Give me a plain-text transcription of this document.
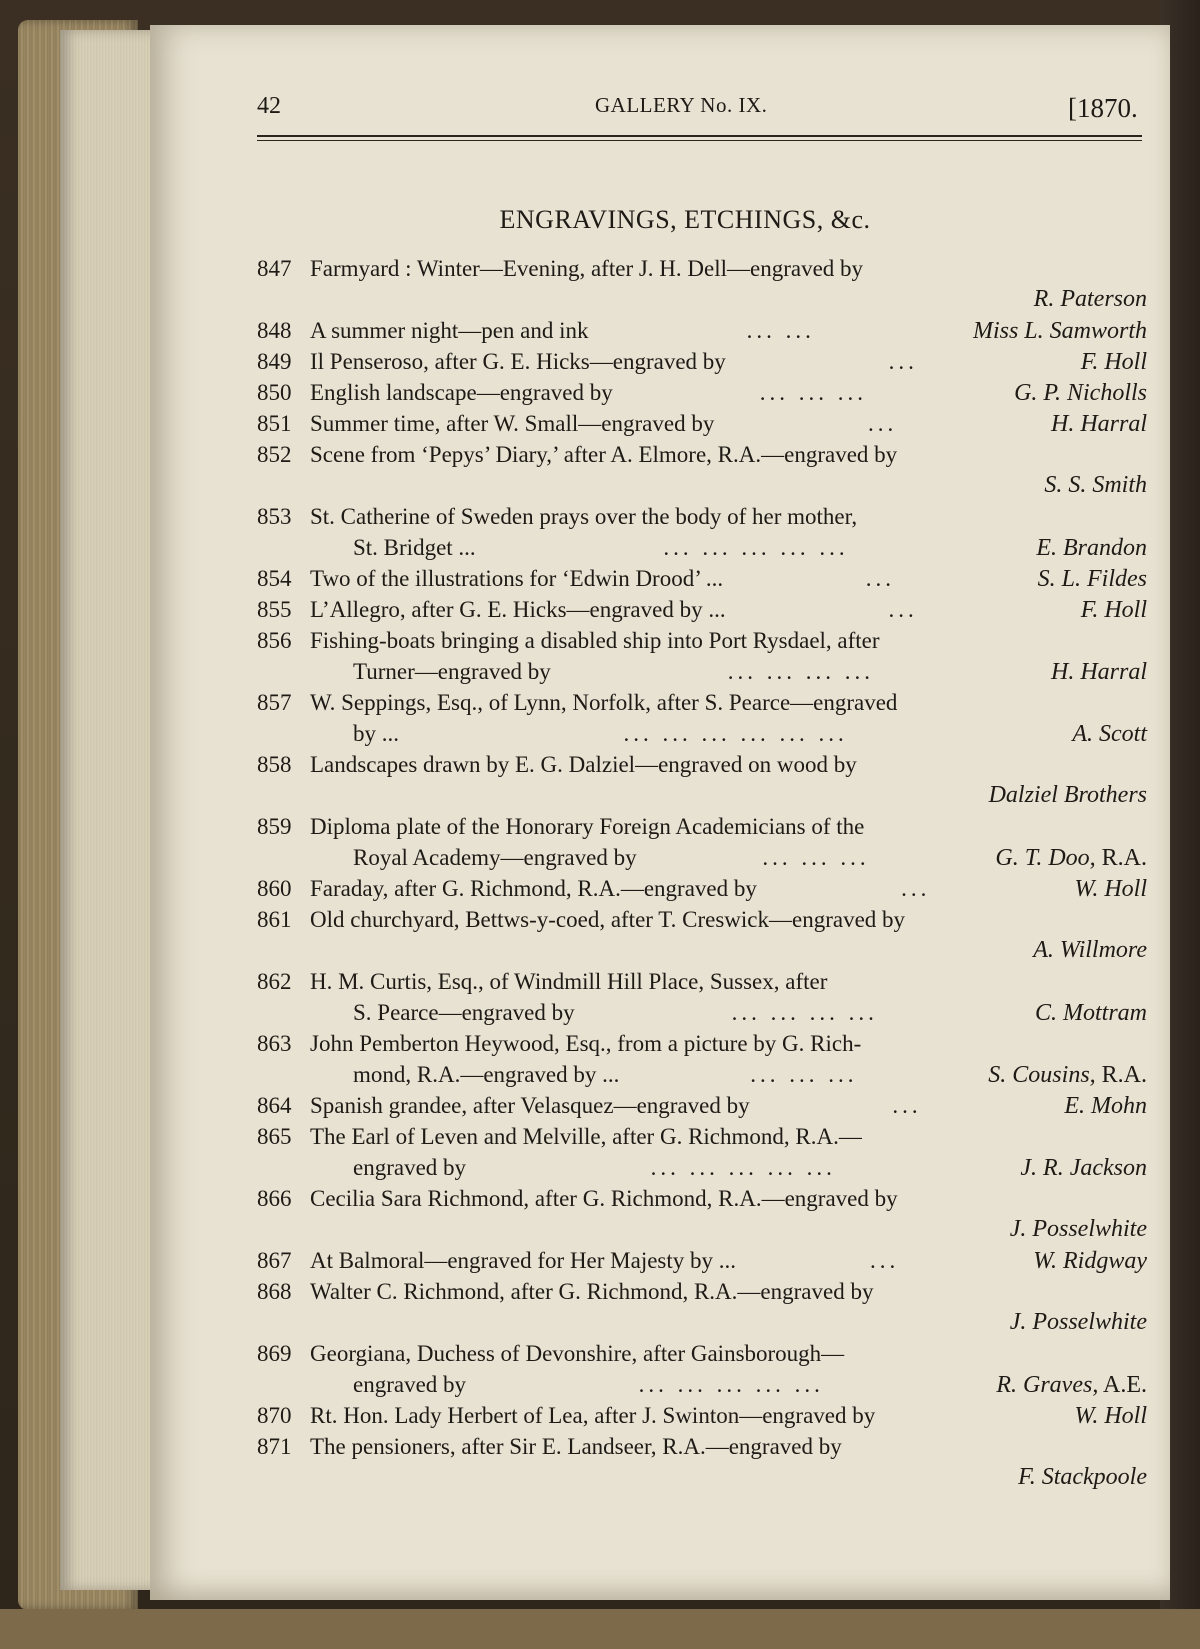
42	GALLERY No. IX.	[1870.
ENGRAVINGS, ETCHINGS, &c.
847 Farmyard : Winter—Evening, after J. H. Dell—engraved by
R. Paterson
848 A summer night—pen and ink	... ...	Miss L. Samworth
849 Il Penseroso, after G. E. Hicks—engraved by	...	F. Holl
850 English landscape—engraved by	... ... ...	G. P. Nicholls
851 Summer time, after W. Small—engraved by	...	H. Harral
852 Scene from ‘Pepys’ Diary,’ after A. Elmore, R.A.—engraved by
S. S. Smith
853 St. Catherine of Sweden prays over the body of her mother,
St. Bridget ...	... ... ... ... ...	E. Brandon
854 Two of the illustrations for ‘Edwin Drood’ ...	...	S. L. Fildes
855 L’Allegro, after G. E. Hicks—engraved by ...	...	F. Holl
856 Fishing-boats bringing a disabled ship into Port Rysdael, after
Turner—engraved by	... ... ... ...	H. Harral
857 W. Seppings, Esq., of Lynn, Norfolk, after S. Pearce—engraved
by ...	... ... ... ... ... ...	A. Scott
858 Landscapes drawn by E. G. Dalziel—engraved on wood by
Dalziel Brothers
859 Diploma plate of the Honorary Foreign Academicians of the
Royal Academy—engraved by	... ... ...	G. T. Doo, R.A.
860 Faraday, after G. Richmond, R.A.—engraved by	...	W. Holl
861 Old churchyard, Bettws-y-coed, after T. Creswick—engraved by
A. Willmore
862 H. M. Curtis, Esq., of Windmill Hill Place, Sussex, after
S. Pearce—engraved by	... ... ... ...	C. Mottram
863 John Pemberton Heywood, Esq., from a picture by G. Rich-
mond, R.A.—engraved by ...	... ... ...	S. Cousins, R.A.
864 Spanish grandee, after Velasquez—engraved by	...	E. Mohn
865 The Earl of Leven and Melville, after G. Richmond, R.A.—
engraved by	... ... ... ... ...	J. R. Jackson
866 Cecilia Sara Richmond, after G. Richmond, R.A.—engraved by
J. Posselwhite
867 At Balmoral—engraved for Her Majesty by ...	...	W. Ridgway
868 Walter C. Richmond, after G. Richmond, R.A.—engraved by
J. Posselwhite
869 Georgiana, Duchess of Devonshire, after Gainsborough—
engraved by	... ... ... ... ...	R. Graves, A.E.
870 Rt. Hon. Lady Herbert of Lea, after J. Swinton—engraved by	W. Holl
871 The pensioners, after Sir E. Landseer, R.A.—engraved by
F. Stackpoole
